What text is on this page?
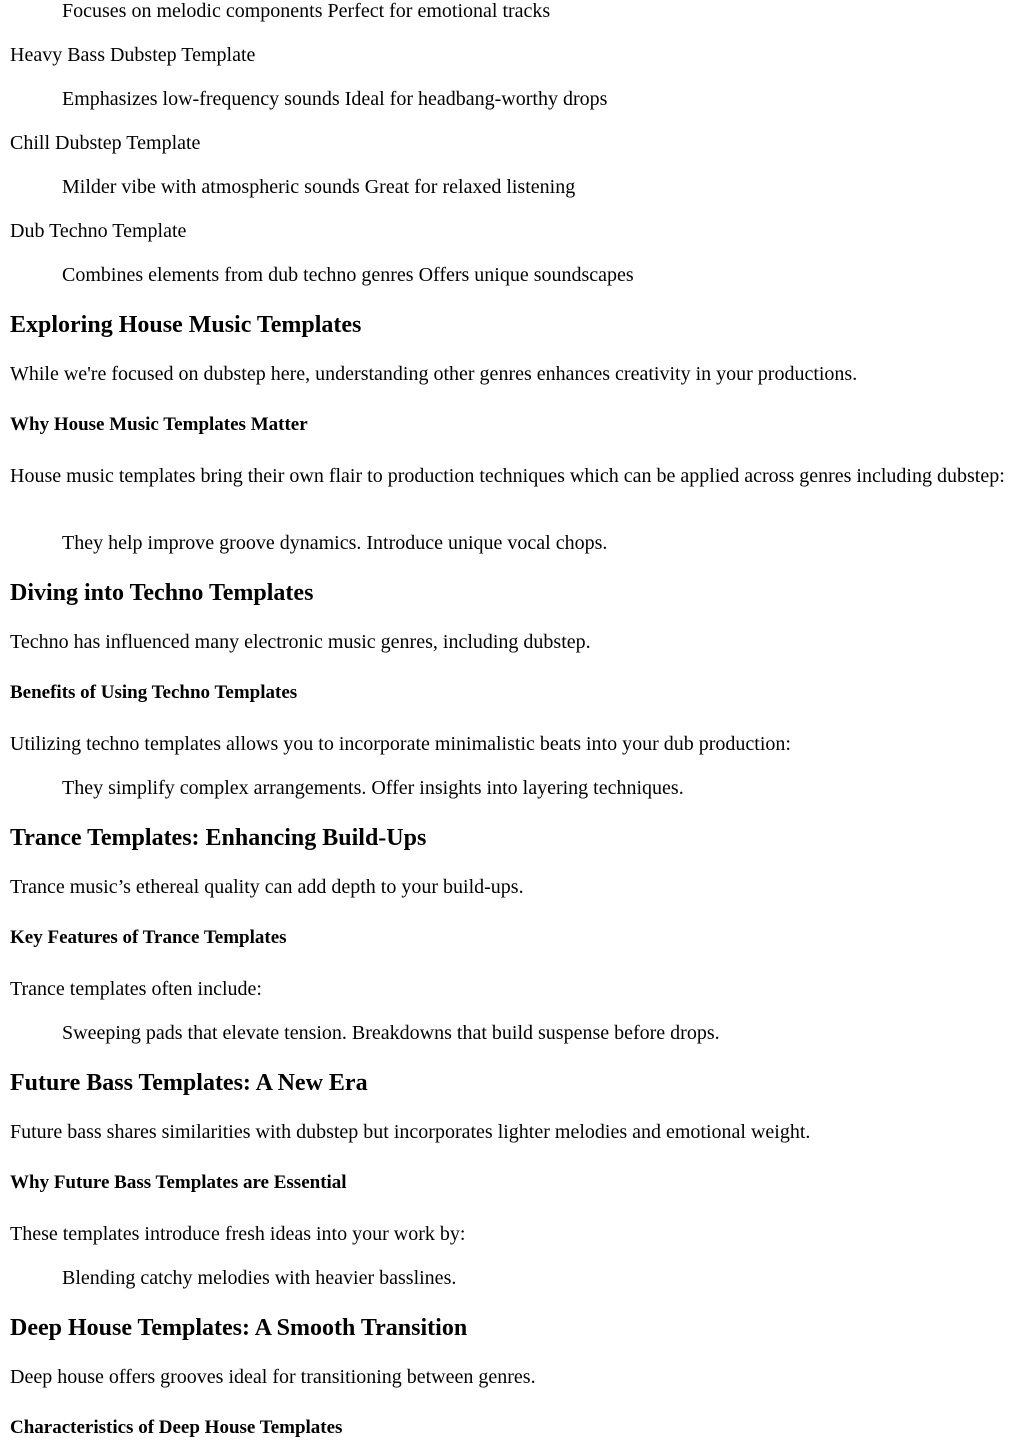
Focuses on melodic components Perfect for emotional tracks

Heavy Bass Dubstep Template

Emphasizes low-frequency sounds Ideal for headbang-worthy drops

Chill Dubstep Template

Milder vibe with atmospheric sounds Great for relaxed listening

Dub Techno Template

Combines elements from dub techno genres Offers unique soundscapes

Exploring House Music Templates

While we're focused on dubstep here, understanding other genres enhances creativity in your productions.

Why House Music Templates Matter

House music templates bring their own flair to production techniques which can be applied across genres including dubstep:

They help improve groove dynamics. Introduce unique vocal chops.

Diving into Techno Templates

Techno has influenced many electronic music genres, including dubstep.

Benefits of Using Techno Templates

Utilizing techno templates allows you to incorporate minimalistic beats into your dub production:

They simplify complex arrangements. Offer insights into layering techniques.

Trance Templates: Enhancing Build-Ups

Trance music’s ethereal quality can add depth to your build-ups.

Key Features of Trance Templates

Trance templates often include:

Sweeping pads that elevate tension. Breakdowns that build suspense before drops.

Future Bass Templates: A New Era

Future bass shares similarities with dubstep but incorporates lighter melodies and emotional weight.

Why Future Bass Templates are Essential

These templates introduce fresh ideas into your work by:

Blending catchy melodies with heavier basslines.

Deep House Templates: A Smooth Transition

Deep house offers grooves ideal for transitioning between genres.

Characteristics of Deep House Templates
